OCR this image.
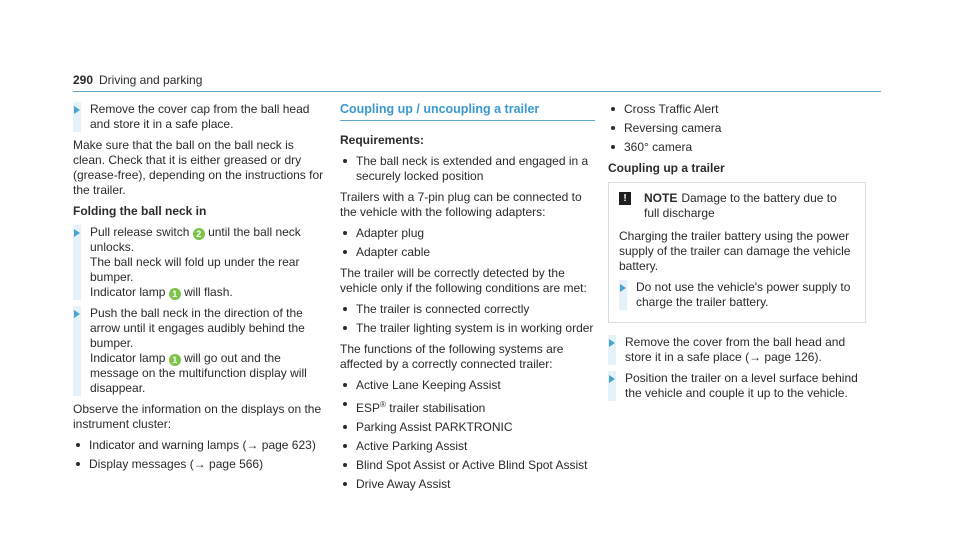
290 Driving and parking
Remove the cover cap from the ball head and store it in a safe place.

Make sure that the ball on the ball neck is clean. Check that it is either greased or dry (grease-free), depending on the instructions for the trailer.

Folding the ball neck in
Pull release switch 2 until the ball neck unlocks.
The ball neck will fold up under the rear bumper.
Indicator lamp 1 will flash.
Push the ball neck in the direction of the arrow until it engages audibly behind the bumper.
Indicator lamp 1 will go out and the message on the multifunction display will disappear.

Observe the information on the displays on the instrument cluster:

Indicator and warning lamps (→ page 623)
Display messages (→ page 566)
Coupling up / uncoupling a trailer
Requirements:
The ball neck is extended and engaged in a securely locked position

Trailers with a 7-pin plug can be connected to the vehicle with the following adapters:

Adapter plug
Adapter cable

The trailer will be correctly detected by the vehicle only if the following conditions are met:

The trailer is connected correctly
The trailer lighting system is in working order

The functions of the following systems are affected by a correctly connected trailer:

Active Lane Keeping Assist
ESP® trailer stabilisation
Parking Assist PARKTRONIC
Active Parking Assist
Blind Spot Assist or Active Blind Spot Assist
Drive Away Assist
Cross Traffic Alert
Reversing camera
360° camera
Coupling up a trailer
!	NOTE Damage to the battery due to full discharge

Charging the trailer battery using the power supply of the trailer can damage the vehicle battery.

Do not use the vehicle's power supply to charge the trailer battery.
Remove the cover from the ball head and store it in a safe place (→ page 126).
Position the trailer on a level surface behind the vehicle and couple it up to the vehicle.
